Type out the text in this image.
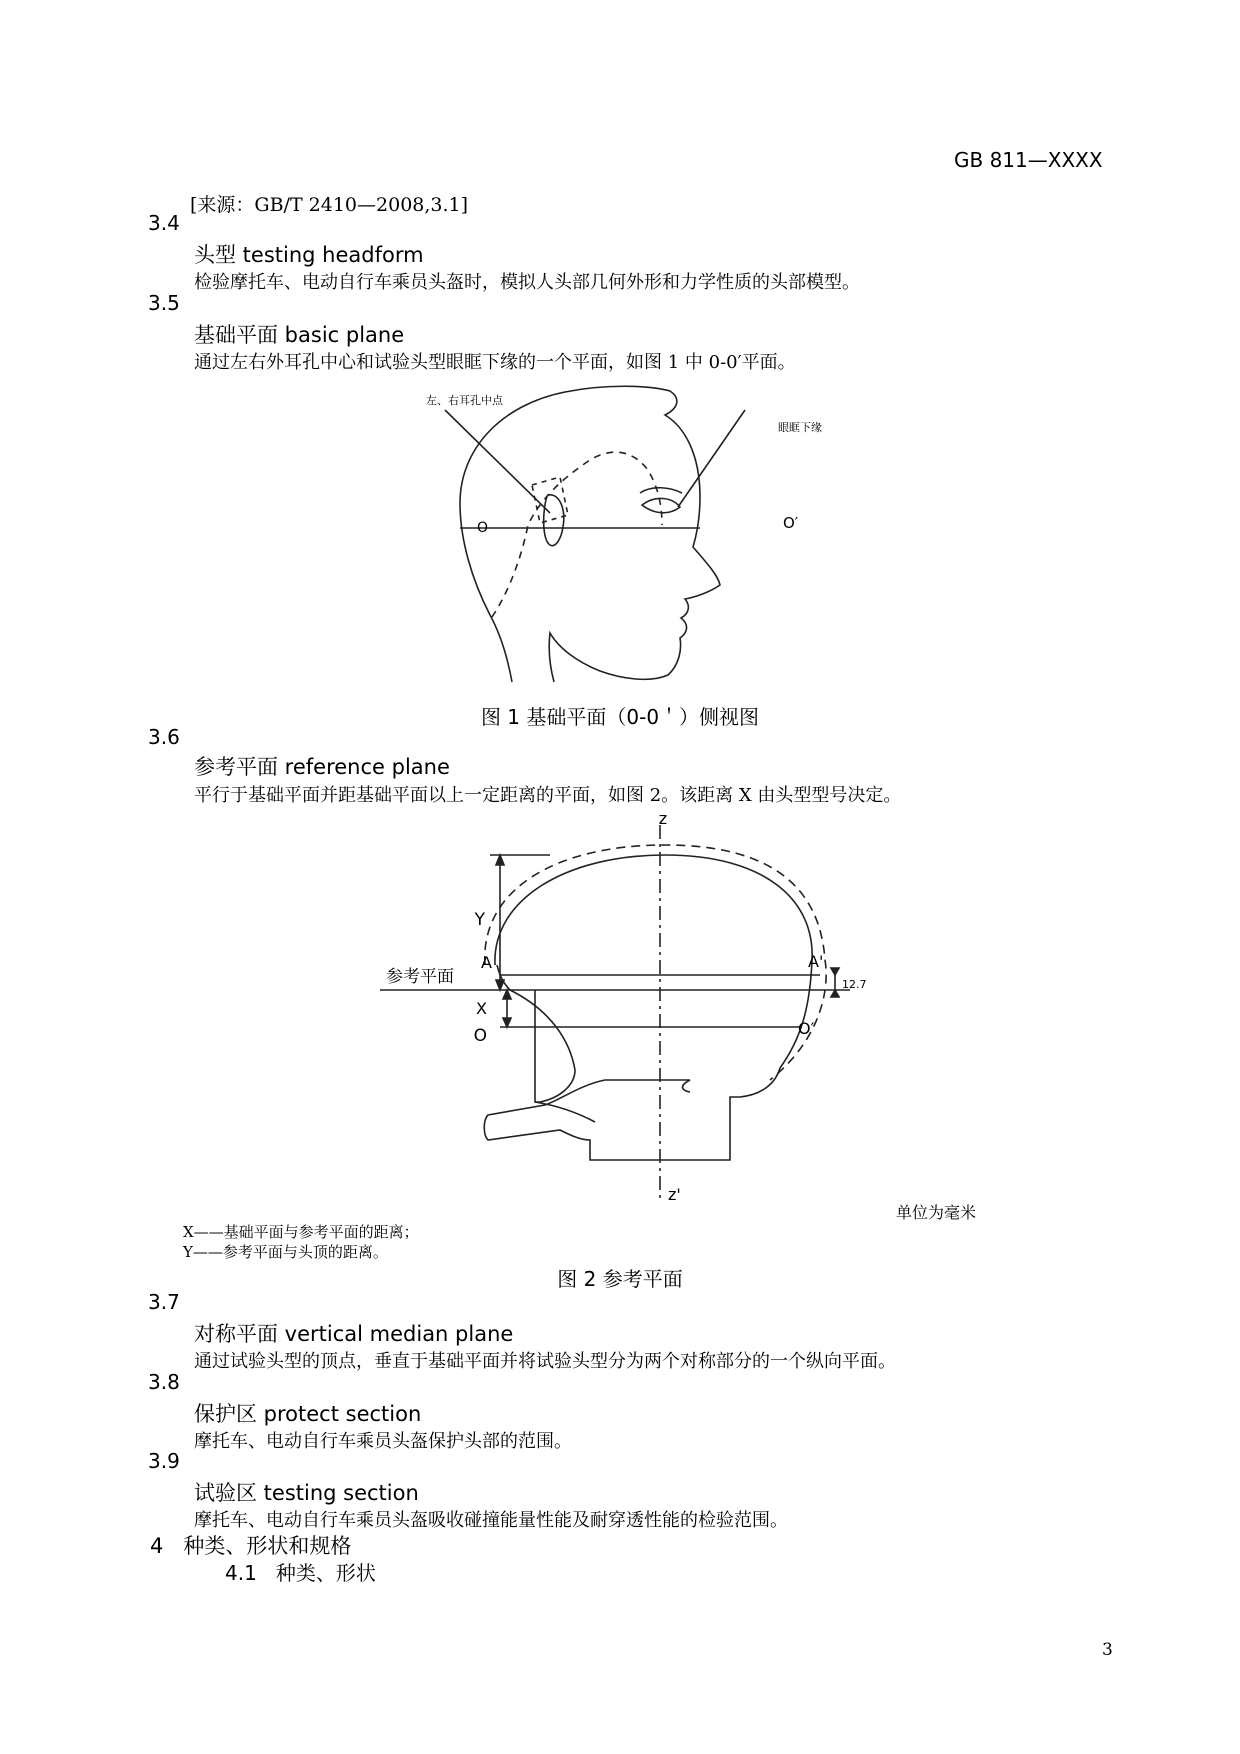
GB 811—XXXX
[来源：GB/T 2410—2008,3.1]
3.4
头型 testing headform
检验摩托车、电动自行车乘员头盔时，模拟人头部几何外形和力学性质的头部模型。
3.5
基础平面 basic plane
通过左右外耳孔中心和试验头型眼眶下缘的一个平面，如图 1 中 0-0′平面。
左、右耳孔中点
眼眶下缘
O	O′
图 1 基础平面（0-0＇）侧视图
3.6
参考平面 reference plane
平行于基础平面并距基础平面以上一定距离的平面，如图 2。该距离 X 由头型型号决定。
z
z'
Y
X
A	A'
O	O′
参考平面	12.7
单位为毫米
X——基础平面与参考平面的距离；
Y——参考平面与头顶的距离。
图 2 参考平面
3.7
对称平面 vertical median plane
通过试验头型的顶点，垂直于基础平面并将试验头型分为两个对称部分的一个纵向平面。
3.8
保护区 protect section
摩托车、电动自行车乘员头盔保护头部的范围。
3.9
试验区 testing section
摩托车、电动自行车乘员头盔吸收碰撞能量性能及耐穿透性能的检验范围。
4   种类、形状和规格
4.1   种类、形状
3
